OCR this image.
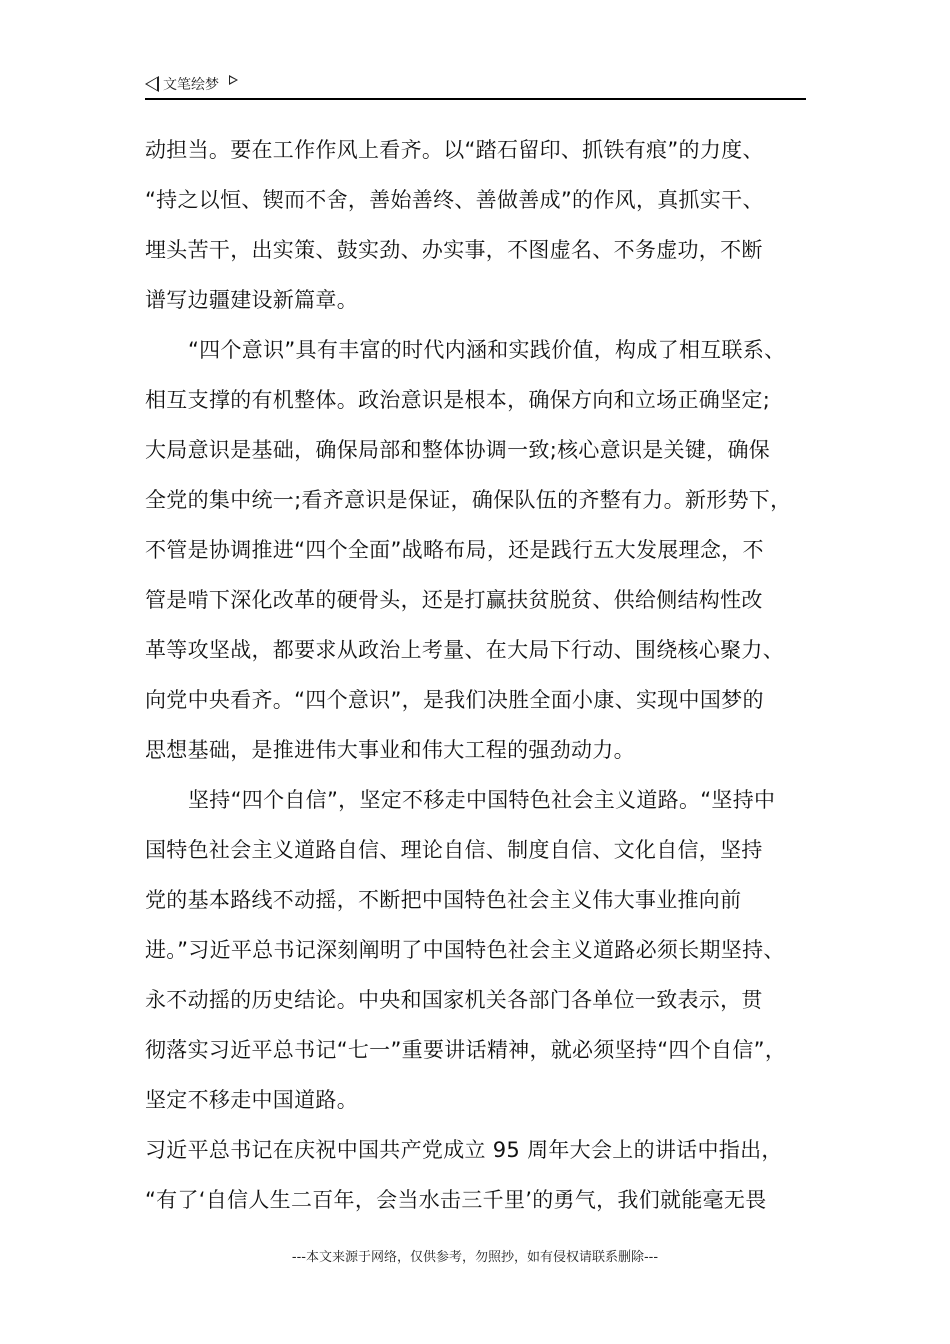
文笔绘梦
动担当。要在工作作风上看齐。以“踏石留印、抓铁有痕”的力度、
“持之以恒、锲而不舍，善始善终、善做善成”的作风，真抓实干、
埋头苦干，出实策、鼓实劲、办实事，不图虚名、不务虚功，不断
谱写边疆建设新篇章。
“四个意识”具有丰富的时代内涵和实践价值，构成了相互联系、
相互支撑的有机整体。政治意识是根本，确保方向和立场正确坚定;
大局意识是基础，确保局部和整体协调一致;核心意识是关键，确保
全党的集中统一;看齐意识是保证，确保队伍的齐整有力。新形势下，
不管是协调推进“四个全面”战略布局，还是践行五大发展理念，不
管是啃下深化改革的硬骨头，还是打赢扶贫脱贫、供给侧结构性改
革等攻坚战，都要求从政治上考量、在大局下行动、围绕核心聚力、
向党中央看齐。“四个意识”，是我们决胜全面小康、实现中国梦的
思想基础，是推进伟大事业和伟大工程的强劲动力。
坚持“四个自信”，坚定不移走中国特色社会主义道路。“坚持中
国特色社会主义道路自信、理论自信、制度自信、文化自信，坚持
党的基本路线不动摇，不断把中国特色社会主义伟大事业推向前
进。”习近平总书记深刻阐明了中国特色社会主义道路必须长期坚持、
永不动摇的历史结论。中央和国家机关各部门各单位一致表示，贯
彻落实习近平总书记“七一”重要讲话精神，就必须坚持“四个自信”，
坚定不移走中国道路。
习近平总书记在庆祝中国共产党成立 95 周年大会上的讲话中指出，
“有了‘自信人生二百年，会当水击三千里’的勇气，我们就能毫无畏
---本文来源于网络，仅供参考，勿照抄，如有侵权请联系删除---
